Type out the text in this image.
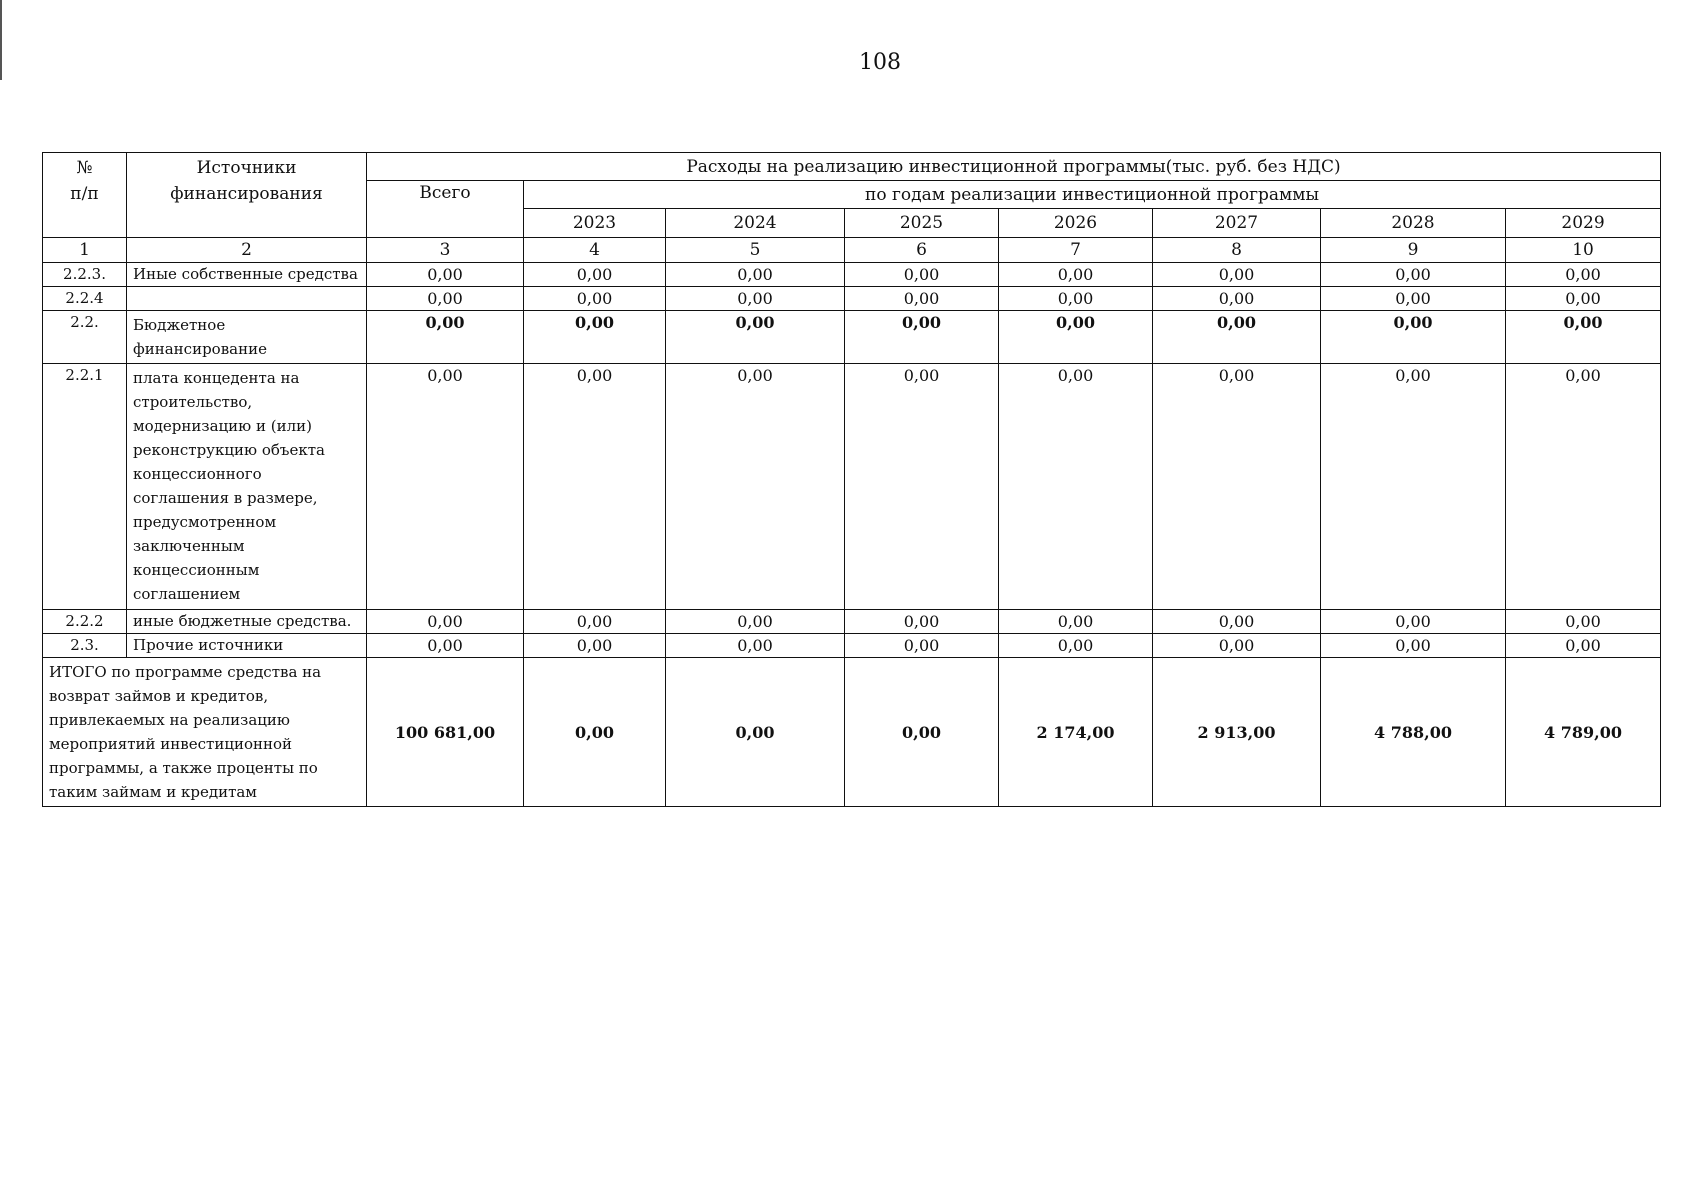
108
№
п/п	Источники
финансирования	Расходы на реализацию инвестиционной программы(тыс. руб. без НДС)							
		Всего	по годам реализации инвестиционной программы						
			2023	2024	2025	2026	2027	2028	2029
1	2	3	4	5	6	7	8	9	10
2.2.3.	Иные собственные средства	0,00	0,00	0,00	0,00	0,00	0,00	0,00	0,00
2.2.4		0,00	0,00	0,00	0,00	0,00	0,00	0,00	0,00
2.2.	Бюджетное финансирование	0,00	0,00	0,00	0,00	0,00	0,00	0,00	0,00
2.2.1	плата концедента на строительство, модернизацию и (или) реконструкцию объекта концессионного соглашения в размере, предусмотренном заключенным концессионным соглашением	0,00	0,00	0,00	0,00	0,00	0,00	0,00	0,00
2.2.2	иные бюджетные средства.	0,00	0,00	0,00	0,00	0,00	0,00	0,00	0,00
2.3.	Прочие источники	0,00	0,00	0,00	0,00	0,00	0,00	0,00	0,00
ИТОГО по программе средства на возврат займов и кредитов, привлекаемых на реализацию мероприятий инвестиционной программы, а также проценты по таким займам и кредитам		100 681,00	0,00	0,00	0,00	2 174,00	2 913,00	4 788,00	4 789,00
